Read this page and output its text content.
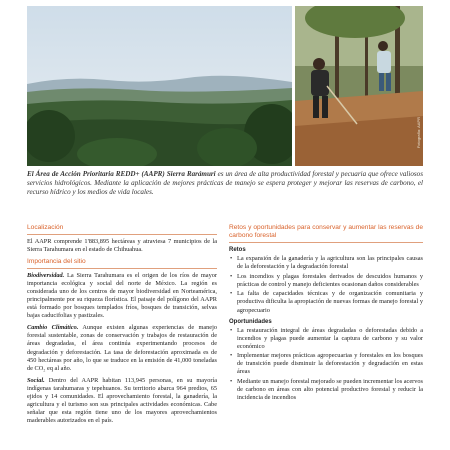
Fotografía: AAPR
El Área de Acción Prioritaria REDD+ (AAPR) Sierra Rarámuri es un área de alta productividad forestal y pecuaria que ofrece valiosos servicios hidrológicos. Mediante la aplicación de mejores prácticas de manejo se espera proteger y mejorar las reservas de carbono, el recurso hídrico y los medios de vida locales.
Localización

El AAPR comprende 1'883,895 hectáreas y atraviesa 7 municipios de la Sierra Tarahumara en el estado de Chihuahua.

Importancia del sitio

Biodiversidad. La Sierra Tarahumara es el origen de los ríos de mayor importancia ecológica y social del norte de México. La región es considerada uno de los centros de mayor biodiversidad en Norteamérica, principalmente por su riqueza florística. El paisaje del polígono del AAPR está formado por bosques templados fríos, bosques de transición, selvas bajas caducifolias y pastizales.

Cambio Climático. Aunque existen algunas experiencias de manejo forestal sustentable, zonas de conservación y trabajos de restauración de áreas degradadas, el área continúa experimentando procesos de degradación y deforestación. La tasa de deforestación aproximada es de 450 hectáreas por año, lo que se traduce en la emisión de 41,000 toneladas de CO₂ eq al año.

Social. Dentro del AAPR habitan 113,945 personas, en su mayoría indígenas tarahumaras y tepehuanos. Su territorio abarca 964 predios, 65 ejidos y 14 comunidades. El aprovechamiento forestal, la ganadería, la agricultura y el turismo son sus principales actividades económicas. Cabe señalar que esta región tiene uno de los mayores aprovechamientos maderables autorizados en el país.

Retos y oportunidades para conservar y aumentar las reservas de carbono forestal
Retos
• La expansión de la ganadería y la agricultura son las principales causas de la deforestación y la degradación forestal
• Los incendios y plagas forestales derivados de descuidos humanos y prácticas de control y manejo deficientes ocasionan daños considerables
• La falta de capacidades técnicas y de organización comunitaria y productiva dificulta la apropiación de nuevas formas de manejo forestal y agropecuario
Oportunidades
• La restauración integral de áreas degradadas o deforestadas debido a incendios y plagas puede aumentar la captura de carbono y su valor económico
• Implementar mejores prácticas agropecuarias y forestales en los bosques de transición puede disminuir la deforestación y degradación en estas áreas
• Mediante un manejo forestal mejorado se pueden incrementar los acervos de carbono en áreas con alto potencial productivo forestal y reducir la incidencia de incendios
